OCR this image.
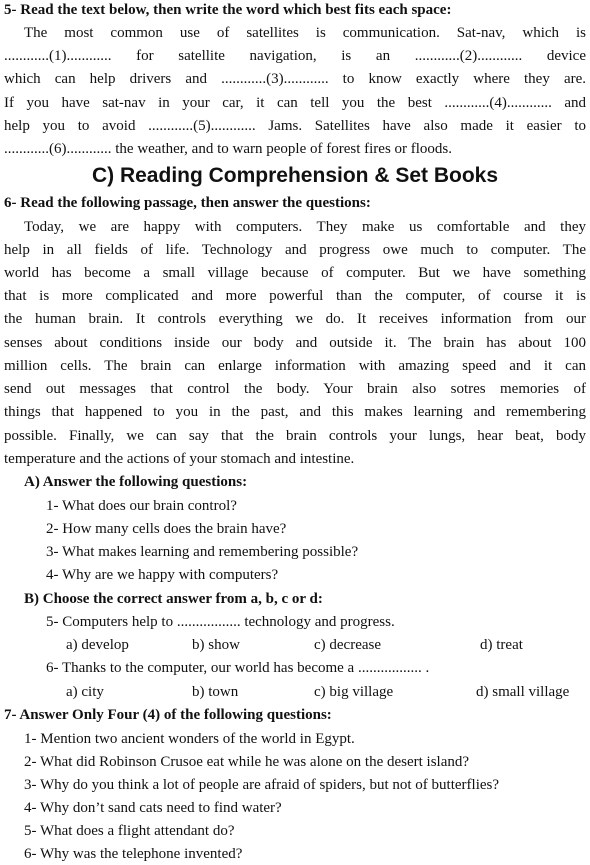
5- Read the text below, then write the word which best fits each space:
The most common use of satellites is communication. Sat-nav, which is
............(1)............ for satellite navigation, is an ............(2)............ device
which can help drivers and ............(3)............ to know exactly where they are.
If you have sat-nav in your car, it can tell you the best ............(4)............ and
help you to avoid ............(5)............ Jams. Satellites have also made it easier to
............(6)............ the weather, and to warn people of forest fires or floods.
C) Reading Comprehension & Set Books
6- Read the following passage, then answer the questions:
Today, we are happy with computers. They make us comfortable and they
help in all fields of life. Technology and progress owe much to computer. The
world has become a small village because of computer. But we have something
that is more complicated and more powerful than the computer, of course it is
the human brain. It controls everything we do. It receives information from our
senses about conditions inside our body and outside it. The brain has about 100
million cells. The brain can enlarge information with amazing speed and it can
send out messages that control the body. Your brain also sotres memories of
things that happened to you in the past, and this makes learning and remembering
possible. Finally, we can say that the brain controls your lungs, hear beat, body
temperature and the actions of your stomach and intestine.
A) Answer the following questions:
1- What does our brain control?
2- How many cells does the brain have?
3- What makes learning and remembering possible?
4- Why are we happy with computers?
B) Choose the correct answer from a, b, c or d:
5- Computers help to ................. technology and progress.
a) develop	b) show	c) decrease	d) treat
6- Thanks to the computer, our world has become a ................. .
a) city	b) town	c) big village	d) small village
7- Answer Only Four (4) of the following questions:
1- Mention two ancient wonders of the world in Egypt.
2- What did Robinson Crusoe eat while he was alone on the desert island?
3- Why do you think a lot of people are afraid of spiders, but not of butterflies?
4- Why don’t sand cats need to find water?
5- What does a flight attendant do?
6- Why was the telephone invented?
